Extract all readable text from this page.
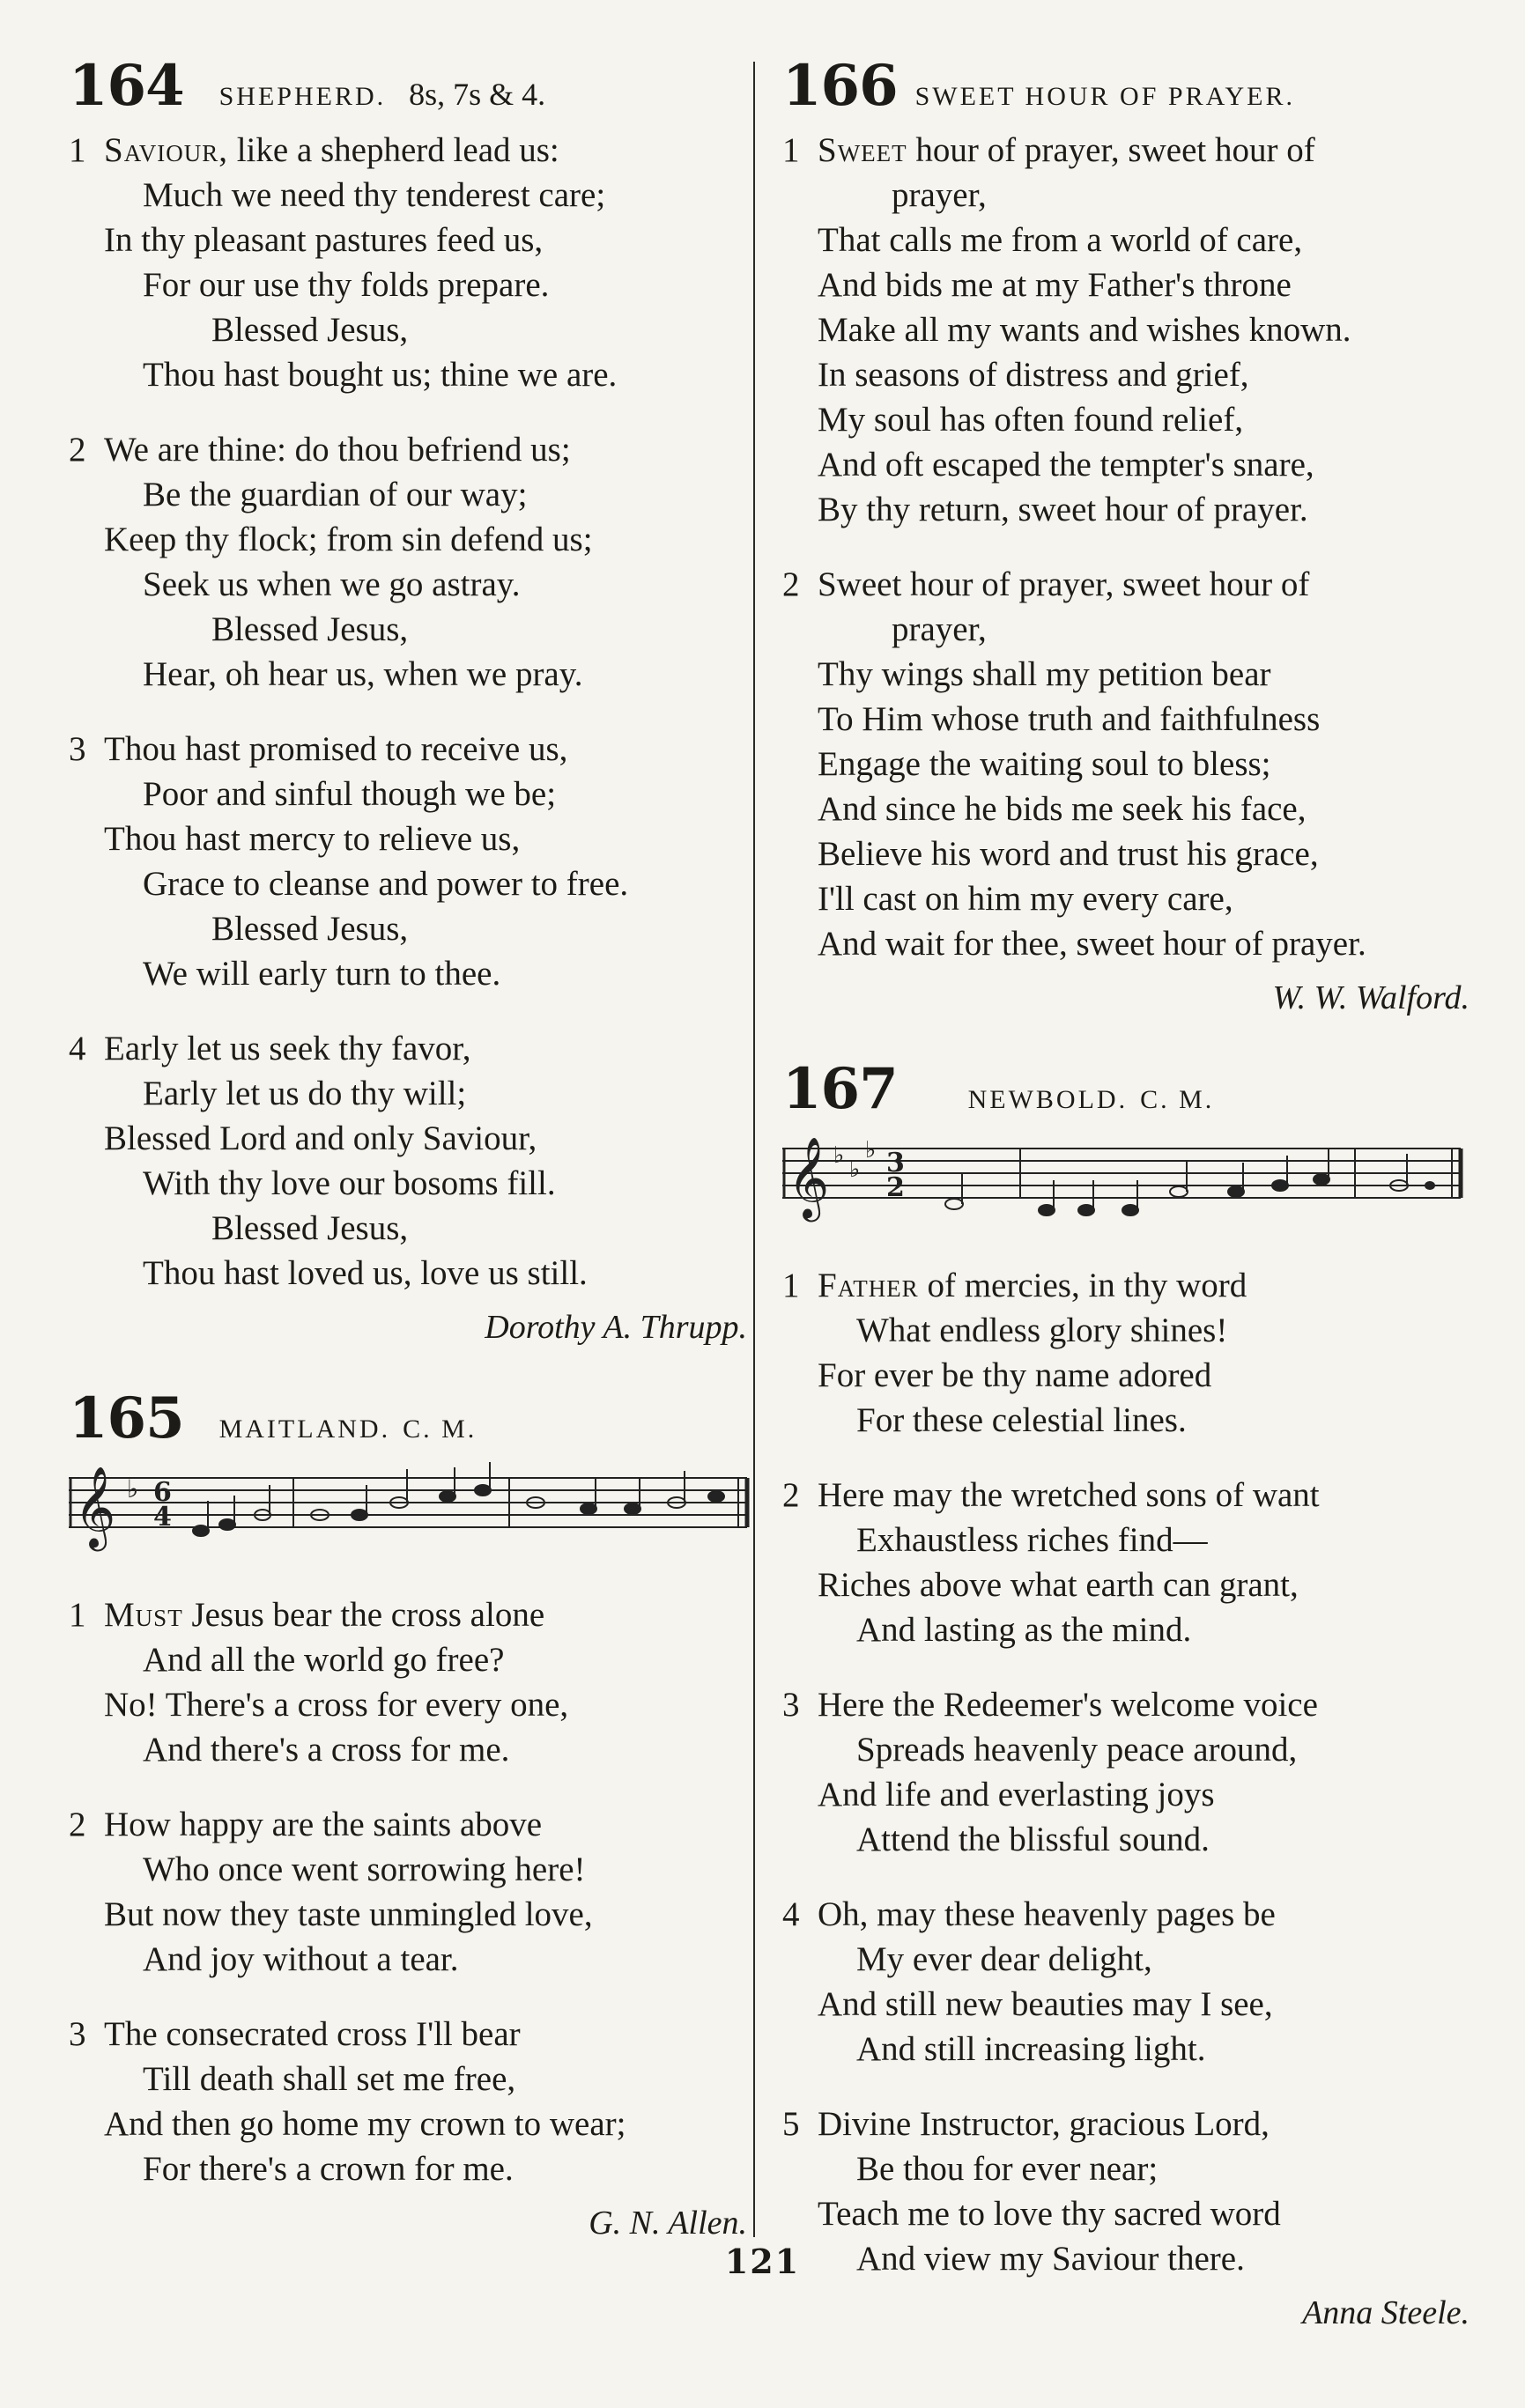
164 SHEPHERD. 8s, 7s & 4.
1 Saviour, like a shepherd lead us:
Much we need thy tenderest care;
In thy pleasant pastures feed us,
For our use thy folds prepare.
Blessed Jesus,
Thou hast bought us; thine we are.
2 We are thine: do thou befriend us;
Be the guardian of our way;
Keep thy flock; from sin defend us;
Seek us when we go astray.
Blessed Jesus,
Hear, oh hear us, when we pray.
3 Thou hast promised to receive us,
Poor and sinful though we be;
Thou hast mercy to relieve us,
Grace to cleanse and power to free.
Blessed Jesus,
We will early turn to thee.
4 Early let us seek thy favor,
Early let us do thy will;
Blessed Lord and only Saviour,
With thy love our bosoms fill.
Blessed Jesus,
Thou hast loved us, love us still.
Dorothy A. Thrupp.
165 MAITLAND. C. M.
𝄞 ♭ 6
4
1 Must Jesus bear the cross alone
And all the world go free?
No! There's a cross for every one,
And there's a cross for me.
2 How happy are the saints above
Who once went sorrowing here!
But now they taste unmingled love,
And joy without a tear.
3 The consecrated cross I'll bear
Till death shall set me free,
And then go home my crown to wear;
For there's a crown for me.
G. N. Allen.
166 SWEET HOUR OF PRAYER.
1 Sweet hour of prayer, sweet hour of
prayer,
That calls me from a world of care,
And bids me at my Father's throne
Make all my wants and wishes known.
In seasons of distress and grief,
My soul has often found relief,
And oft escaped the tempter's snare,
By thy return, sweet hour of prayer.
2 Sweet hour of prayer, sweet hour of
prayer,
Thy wings shall my petition bear
To Him whose truth and faithfulness
Engage the waiting soul to bless;
And since he bids me seek his face,
Believe his word and trust his grace,
I'll cast on him my every care,
And wait for thee, sweet hour of prayer.
W. W. Walford.
167	NEWBOLD. C. M.
𝄞 ♭
♭
♭ 3
2
1 Father of mercies, in thy word
What endless glory shines!
For ever be thy name adored
For these celestial lines.
2 Here may the wretched sons of want
Exhaustless riches find—
Riches above what earth can grant,
And lasting as the mind.
3 Here the Redeemer's welcome voice
Spreads heavenly peace around,
And life and everlasting joys
Attend the blissful sound.
4 Oh, may these heavenly pages be
My ever dear delight,
And still new beauties may I see,
And still increasing light.
5 Divine Instructor, gracious Lord,
Be thou for ever near;
Teach me to love thy sacred word
And view my Saviour there.
Anna Steele.
121
